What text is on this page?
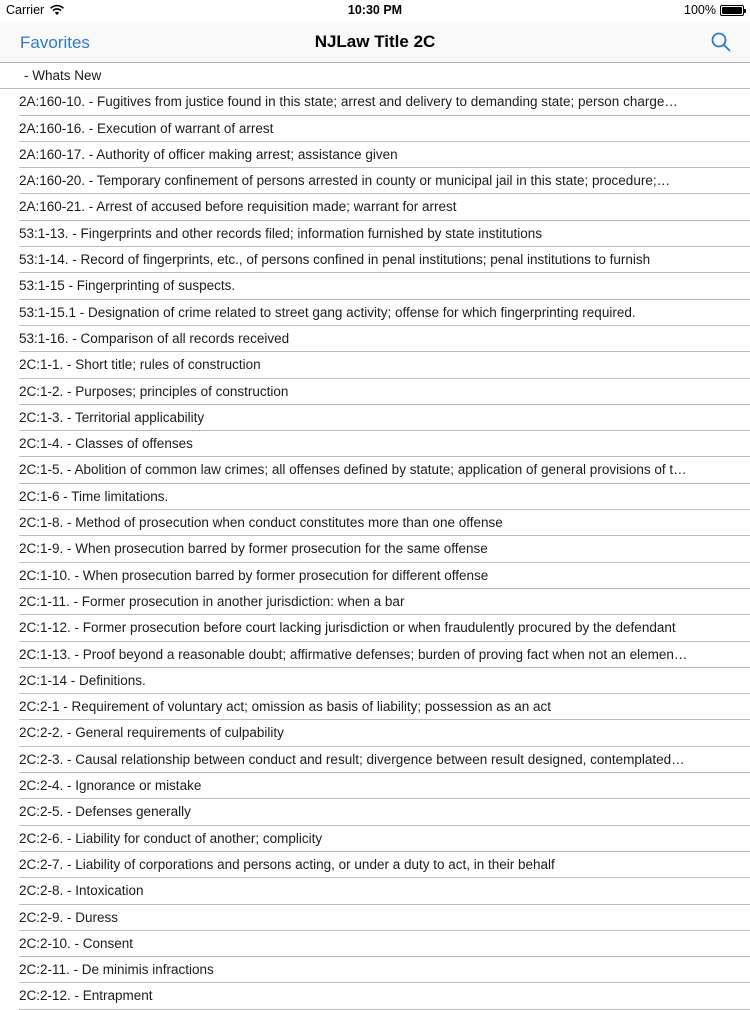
Carrier	10:30 PM	100%
Favorites	NJLaw Title 2C
- Whats New
2A:160-10. - Fugitives from justice found in this state; arrest and delivery to demanding state; person charge…
2A:160-16. - Execution of warrant of arrest
2A:160-17. - Authority of officer making arrest; assistance given
2A:160-20. - Temporary confinement of persons arrested in county or municipal jail in this state; procedure;…
2A:160-21. - Arrest of accused before requisition made; warrant for arrest
53:1-13. - Fingerprints and other records filed; information furnished by state institutions
53:1-14. - Record of fingerprints, etc., of persons confined in penal institutions; penal institutions to furnish
53:1-15 - Fingerprinting of suspects.
53:1-15.1 - Designation of crime related to street gang activity; offense for which fingerprinting required.
53:1-16. - Comparison of all records received
2C:1-1. - Short title; rules of construction
2C:1-2. - Purposes; principles of construction
2C:1-3. - Territorial applicability
2C:1-4. - Classes of offenses
2C:1-5. - Abolition of common law crimes; all offenses defined by statute; application of general provisions of t…
2C:1-6 - Time limitations.
2C:1-8. - Method of prosecution when conduct constitutes more than one offense
2C:1-9. - When prosecution barred by former prosecution for the same offense
2C:1-10. - When prosecution barred by former prosecution for different offense
2C:1-11. - Former prosecution in another jurisdiction: when a bar
2C:1-12. - Former prosecution before court lacking jurisdiction or when fraudulently procured by the defendant
2C:1-13. - Proof beyond a reasonable doubt; affirmative defenses; burden of proving fact when not an elemen…
2C:1-14 - Definitions.
2C:2-1 - Requirement of voluntary act; omission as basis of liability; possession as an act
2C:2-2. - General requirements of culpability
2C:2-3. - Causal relationship between conduct and result; divergence between result designed, contemplated…
2C:2-4. - Ignorance or mistake
2C:2-5. - Defenses generally
2C:2-6. - Liability for conduct of another; complicity
2C:2-7. - Liability of corporations and persons acting, or under a duty to act, in their behalf
2C:2-8. - Intoxication
2C:2-9. - Duress
2C:2-10. - Consent
2C:2-11. - De minimis infractions
2C:2-12. - Entrapment
